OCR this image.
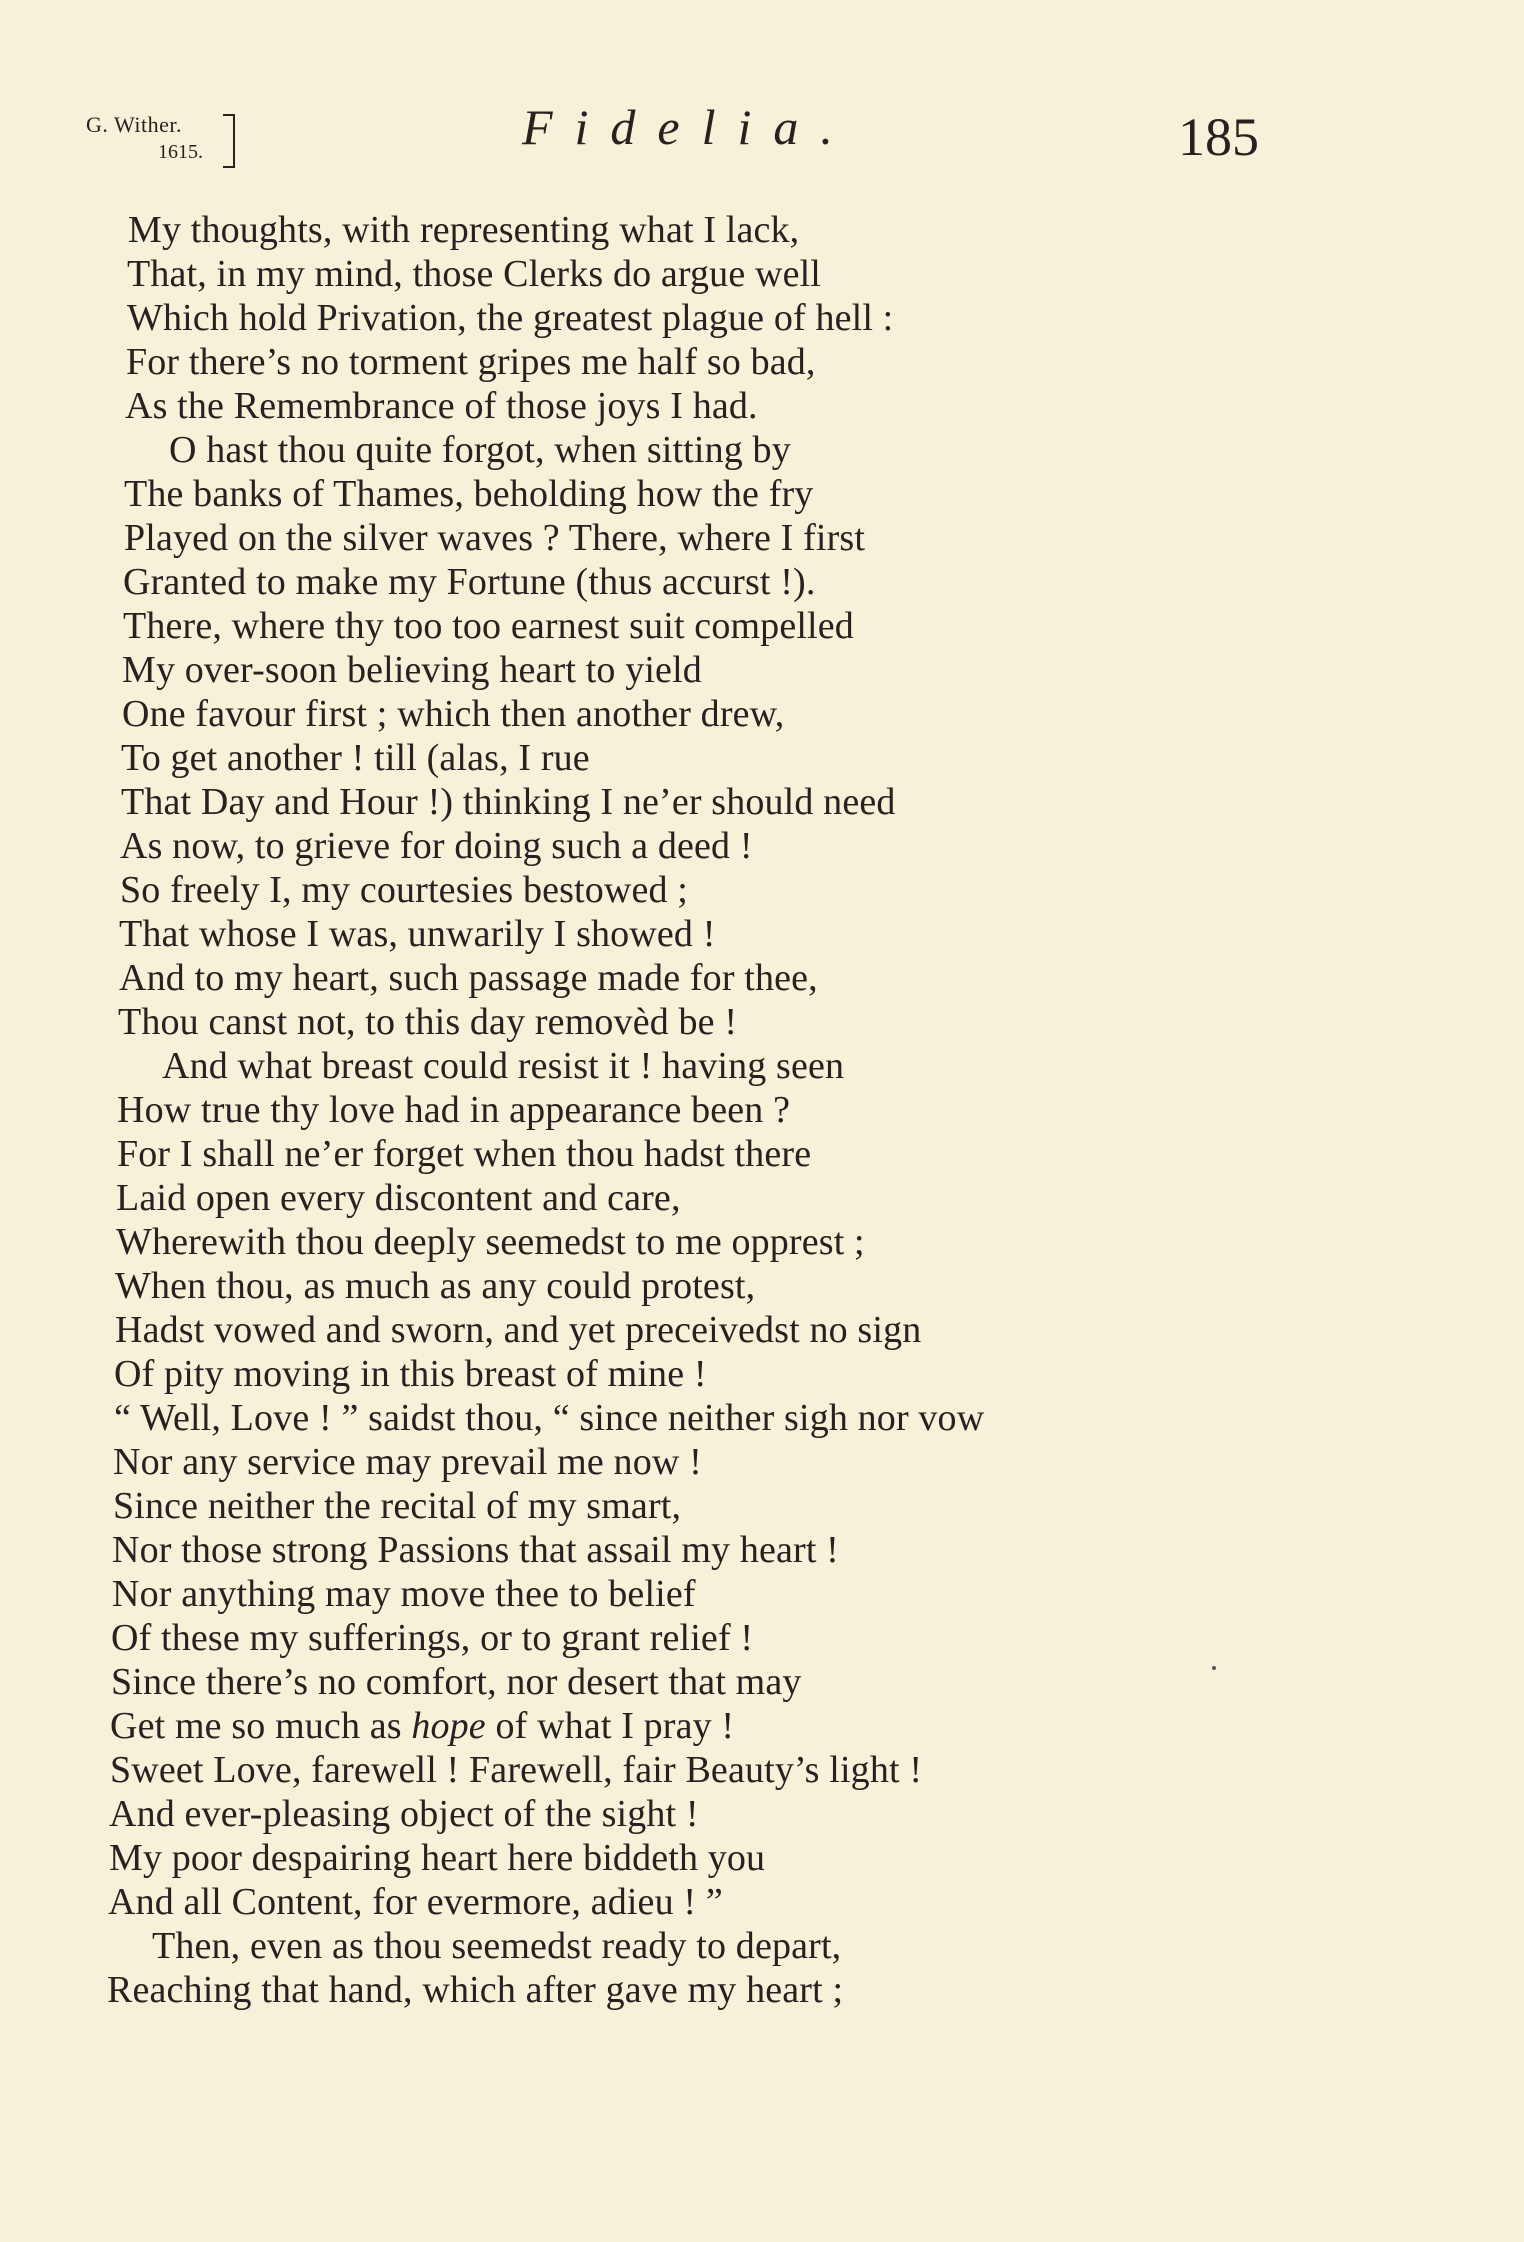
G. Wither.
1615.	Fidelia.	185
My thoughts, with representing what I lack,
That, in my mind, those Clerks do argue well
Which hold Privation, the greatest plague of hell :
For there’s no torment gripes me half so bad,
As the Remembrance of those joys I had.
O hast thou quite forgot, when sitting by
The banks of Thames, beholding how the fry
Played on the silver waves ? There, where I first
Granted to make my Fortune (thus accurst !).
There, where thy too too earnest suit compelled
My over-soon believing heart to yield
One favour first ; which then another drew,
To get another ! till (alas, I rue
That Day and Hour !) thinking I ne’er should need
As now, to grieve for doing such a deed !
So freely I, my courtesies bestowed ;
That whose I was, unwarily I showed !
And to my heart, such passage made for thee,
Thou canst not, to this day removèd be !
And what breast could resist it ! having seen
How true thy love had in appearance been ?
For I shall ne’er forget when thou hadst there
Laid open every discontent and care,
Wherewith thou deeply seemedst to me opprest ;
When thou, as much as any could protest,
Hadst vowed and sworn, and yet preceivedst no sign
Of pity moving in this breast of mine !
“ Well, Love ! ” saidst thou, “ since neither sigh nor vow
Nor any service may prevail me now !
Since neither the recital of my smart,
Nor those strong Passions that assail my heart !
Nor anything may move thee to belief
Of these my sufferings, or to grant relief !
Since there’s no comfort, nor desert that may
Get me so much as hope of what I pray !
Sweet Love, farewell ! Farewell, fair Beauty’s light !
And ever-pleasing object of the sight !
My poor despairing heart here biddeth you
And all Content, for evermore, adieu ! ”
Then, even as thou seemedst ready to depart,
Reaching that hand, which after gave my heart ;
